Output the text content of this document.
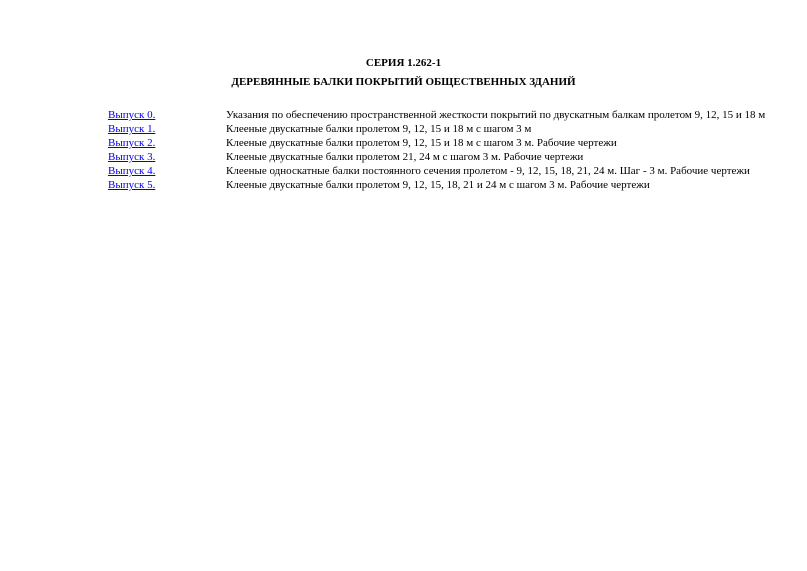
СЕРИЯ 1.262-1
ДЕРЕВЯННЫЕ БАЛКИ ПОКРЫТИЙ ОБЩЕСТВЕННЫХ ЗДАНИЙ
Выпуск 0.	Указания по обеспечению пространственной жесткости покрытий по двускатным балкам пролетом 9, 12, 15 и 18 м
Выпуск 1.	Клееные двускатные балки пролетом 9, 12, 15 и 18 м с шагом 3 м
Выпуск 2.	Клееные двускатные балки пролетом 9, 12, 15 и 18 м с шагом 3 м. Рабочие чертежи
Выпуск 3.	Клееные двускатные балки пролетом 21, 24 м с шагом 3 м. Рабочие чертежи
Выпуск 4.	Клееные односкатные балки постоянного сечения пролетом - 9, 12, 15, 18, 21, 24 м. Шаг - 3 м. Рабочие чертежи
Выпуск 5.	Клееные двускатные балки пролетом 9, 12, 15, 18, 21 и 24 м с шагом 3 м. Рабочие чертежи
